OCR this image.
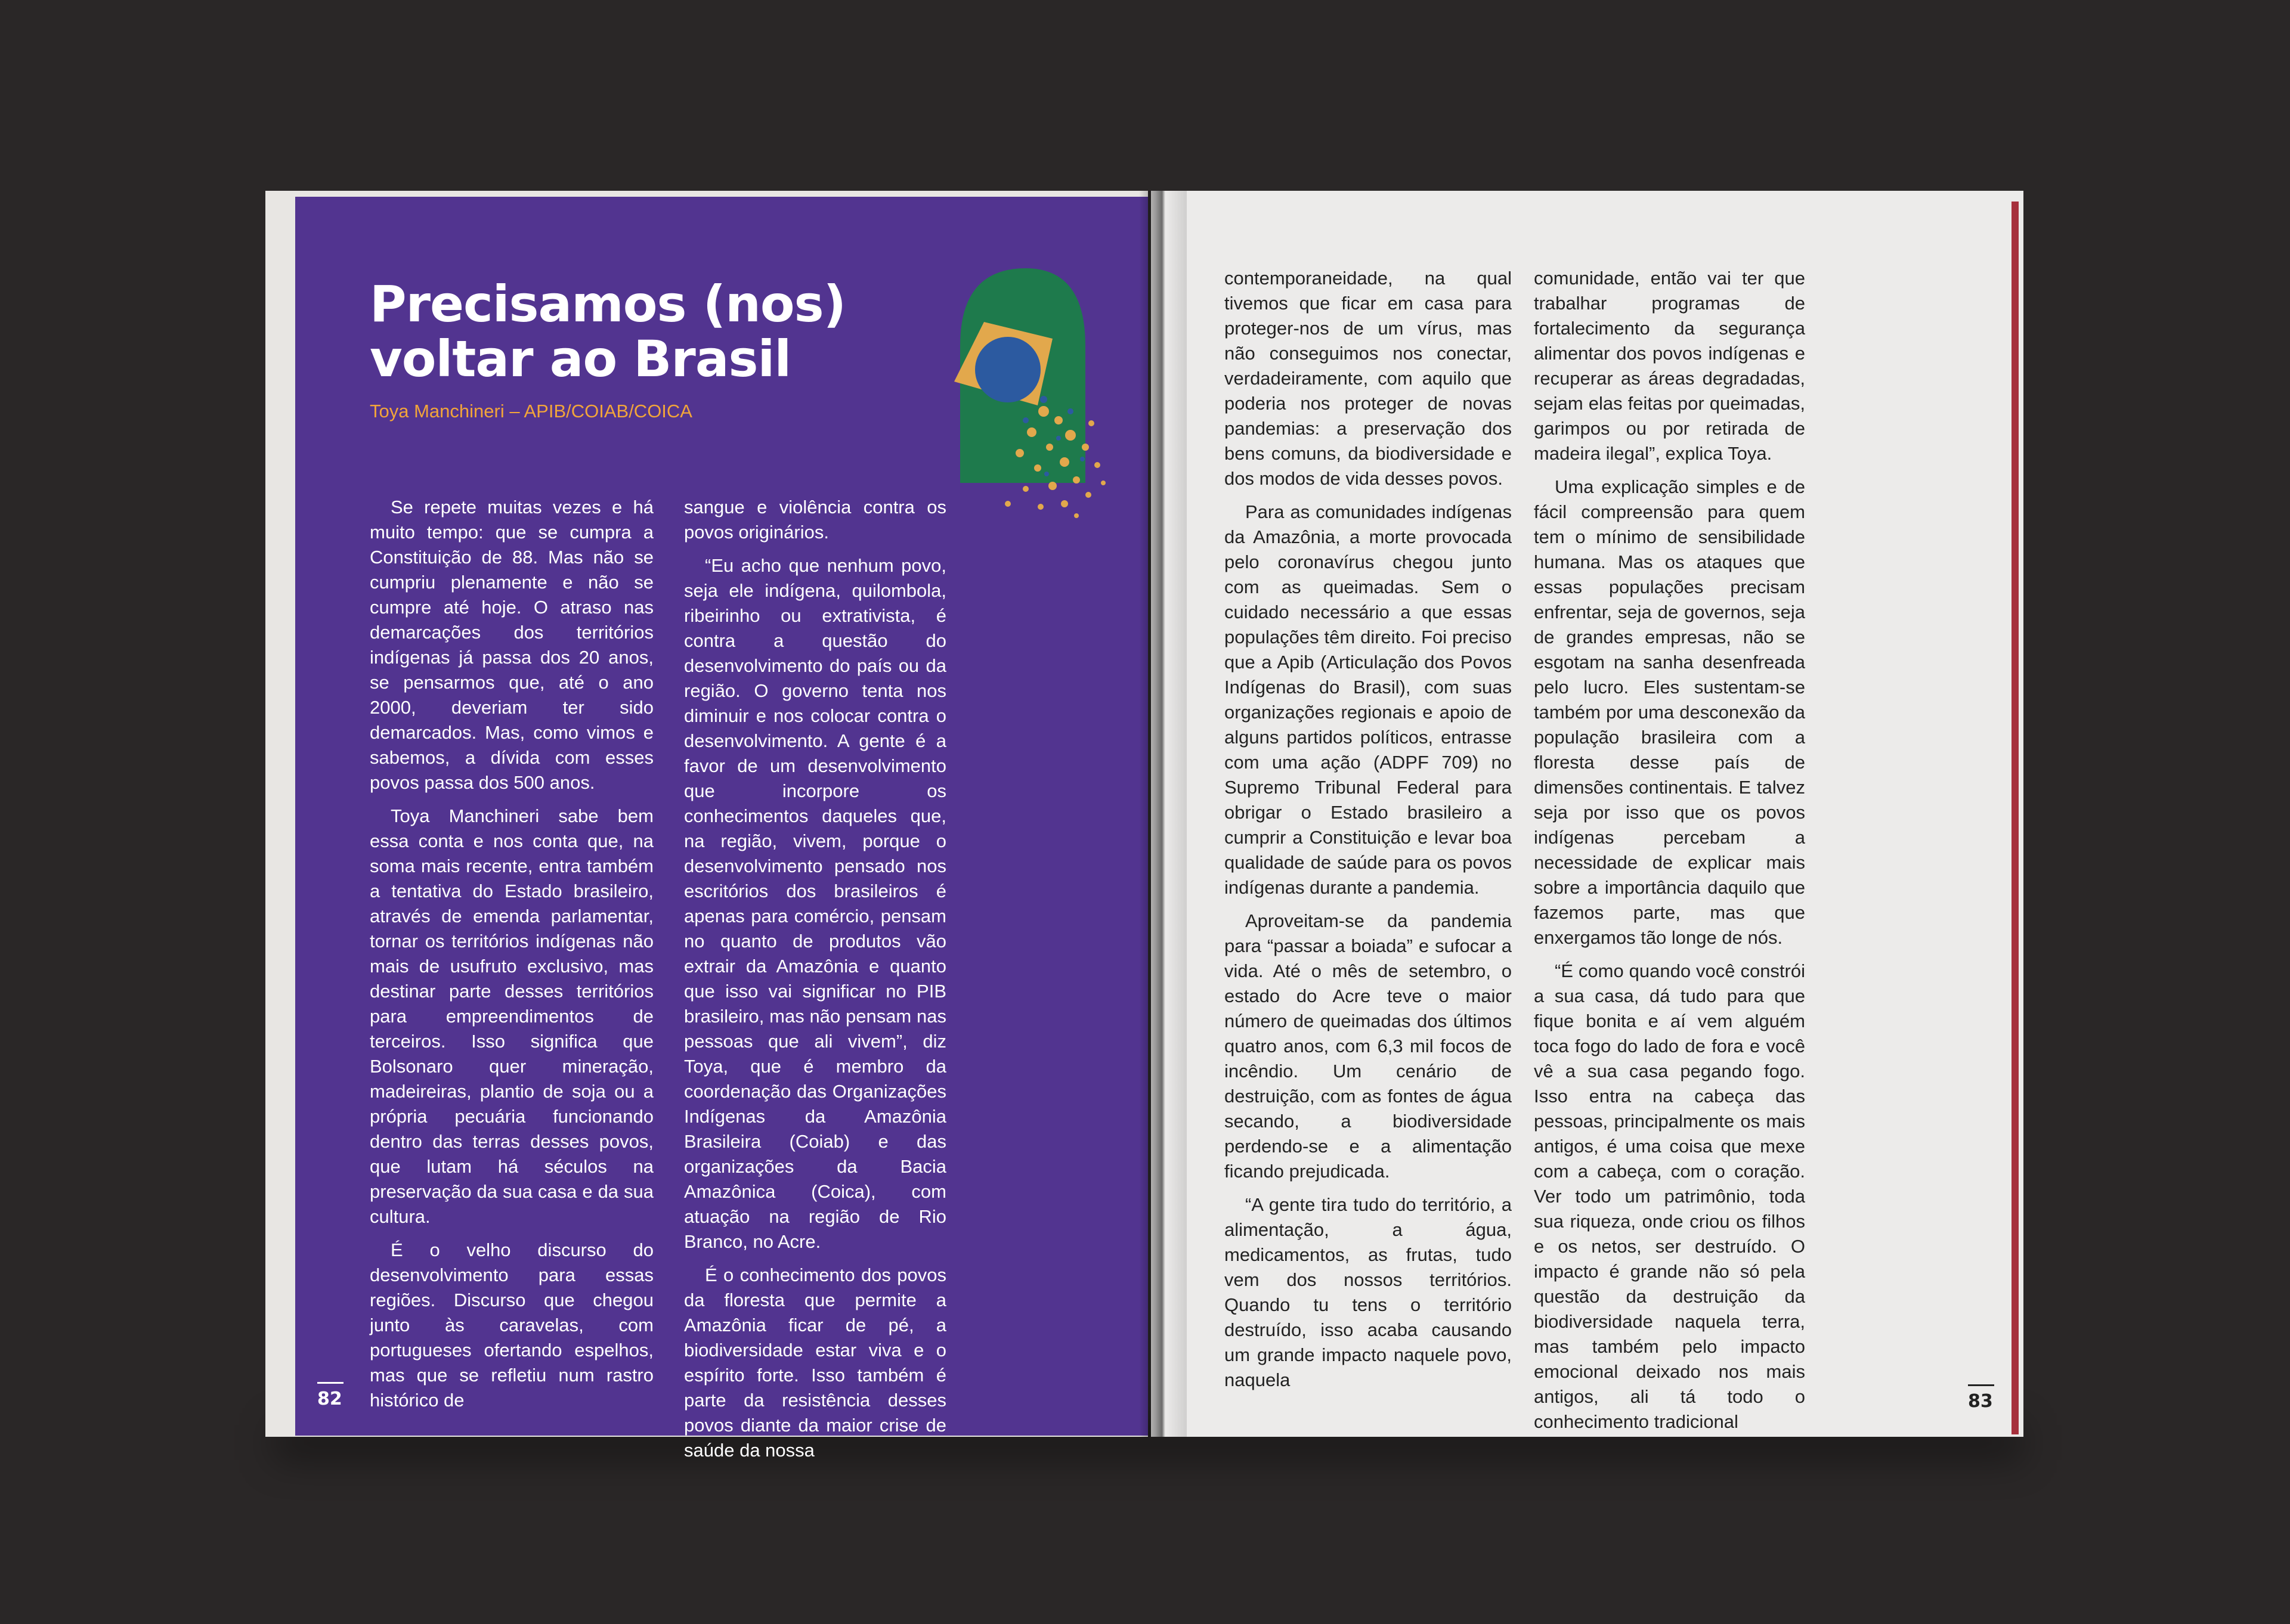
Precisamos (nos)
voltar ao Brasil
Toya Manchineri – APIB/COIAB/COICA

Se repete muitas vezes e há muito tempo: que se cumpra a Constituição de 88. Mas não se cumpriu plenamente e não se cumpre até hoje. O atraso nas demarcações dos territórios indígenas já passa dos 20 anos, se pensarmos que, até o ano 2000, deveriam ter sido demarcados. Mas, como vimos e sabemos, a dívida com esses povos passa dos 500 anos.

Toya Manchineri sabe bem essa conta e nos conta que, na soma mais recente, entra também a tentativa do Estado brasileiro, através de emenda parlamentar, tornar os territórios indígenas não mais de usufruto exclusivo, mas destinar parte desses territórios para empreendimentos de terceiros. Isso significa que Bolsonaro quer mineração, madeireiras, plantio de soja ou a própria pecuária funcionando dentro das terras desses povos, que lutam há séculos na preservação da sua casa e da sua cultura.

É o velho discurso do desenvolvimento para essas regiões. Discurso que chegou junto às caravelas, com portugueses ofertando espelhos, mas que se refletiu num rastro histórico de

sangue e violência contra os povos originários.

“Eu acho que nenhum povo, seja ele indígena, quilombola, ribeirinho ou extrativista, é contra a questão do desenvolvimento do país ou da região. O governo tenta nos diminuir e nos colocar contra o desenvolvimento. A gente é a favor de um desenvolvimento que incorpore os conhecimentos daqueles que, na região, vivem, porque o desenvolvimento pensado nos escritórios dos brasileiros é apenas para comércio, pensam no quanto de produtos vão extrair da Amazônia e quanto que isso vai significar no PIB brasileiro, mas não pensam nas pessoas que ali vivem”, diz Toya, que é membro da coordenação das Organizações Indígenas da Amazônia Brasileira (Coiab) e das organizações da Bacia Amazônica (Coica), com atuação na região de Rio Branco, no Acre.

É o conhecimento dos povos da floresta que permite a Amazônia ficar de pé, a biodiversidade estar viva e o espírito forte. Isso também é parte da resistência desses povos diante da maior crise de saúde da nossa

82

contemporaneidade, na qual tivemos que ficar em casa para proteger-nos de um vírus, mas não conseguimos nos conectar, verdadeiramente, com aquilo que poderia nos proteger de novas pandemias: a preservação dos bens comuns, da biodiversidade e dos modos de vida desses povos.

Para as comunidades indígenas da Amazônia, a morte provocada pelo coronavírus chegou junto com as queimadas. Sem o cuidado necessário a que essas populações têm direito. Foi preciso que a Apib (Articulação dos Povos Indígenas do Brasil), com suas organizações regionais e apoio de alguns partidos políticos, entrasse com uma ação (ADPF 709) no Supremo Tribunal Federal para obrigar o Estado brasileiro a cumprir a Constituição e levar boa qualidade de saúde para os povos indígenas durante a pandemia.

Aproveitam-se da pandemia para “passar a boiada” e sufocar a vida. Até o mês de setembro, o estado do Acre teve o maior número de queimadas dos últimos quatro anos, com 6,3 mil focos de incêndio. Um cenário de destruição, com as fontes de água secando, a biodiversidade perdendo-se e a alimentação ficando prejudicada.

“A gente tira tudo do território, a alimentação, a água, medicamentos, as frutas, tudo vem dos nossos territórios. Quando tu tens o território destruído, isso acaba causando um grande impacto naquele povo, naquela

comunidade, então vai ter que trabalhar programas de fortalecimento da segurança alimentar dos povos indígenas e recuperar as áreas degradadas, sejam elas feitas por queimadas, garimpos ou por retirada de madeira ilegal”, explica Toya.

Uma explicação simples e de fácil compreensão para quem tem o mínimo de sensibilidade humana. Mas os ataques que essas populações precisam enfrentar, seja de governos, seja de grandes empresas, não se esgotam na sanha desenfreada pelo lucro. Eles sustentam-se também por uma desconexão da população brasileira com a floresta desse país de dimensões continentais. E talvez seja por isso que os povos indígenas percebam a necessidade de explicar mais sobre a importância daquilo que fazemos parte, mas que enxergamos tão longe de nós.

“É como quando você constrói a sua casa, dá tudo para que fique bonita e aí vem alguém toca fogo do lado de fora e você vê a sua casa pegando fogo. Isso entra na cabeça das pessoas, principalmente os mais antigos, é uma coisa que mexe com a cabeça, com o coração. Ver todo um patrimônio, toda sua riqueza, onde criou os filhos e os netos, ser destruído. O impacto é grande não só pela questão da destruição da biodiversidade naquela terra, mas também pelo impacto emocional deixado nos mais antigos, ali tá todo o conhecimento tradicional

83
